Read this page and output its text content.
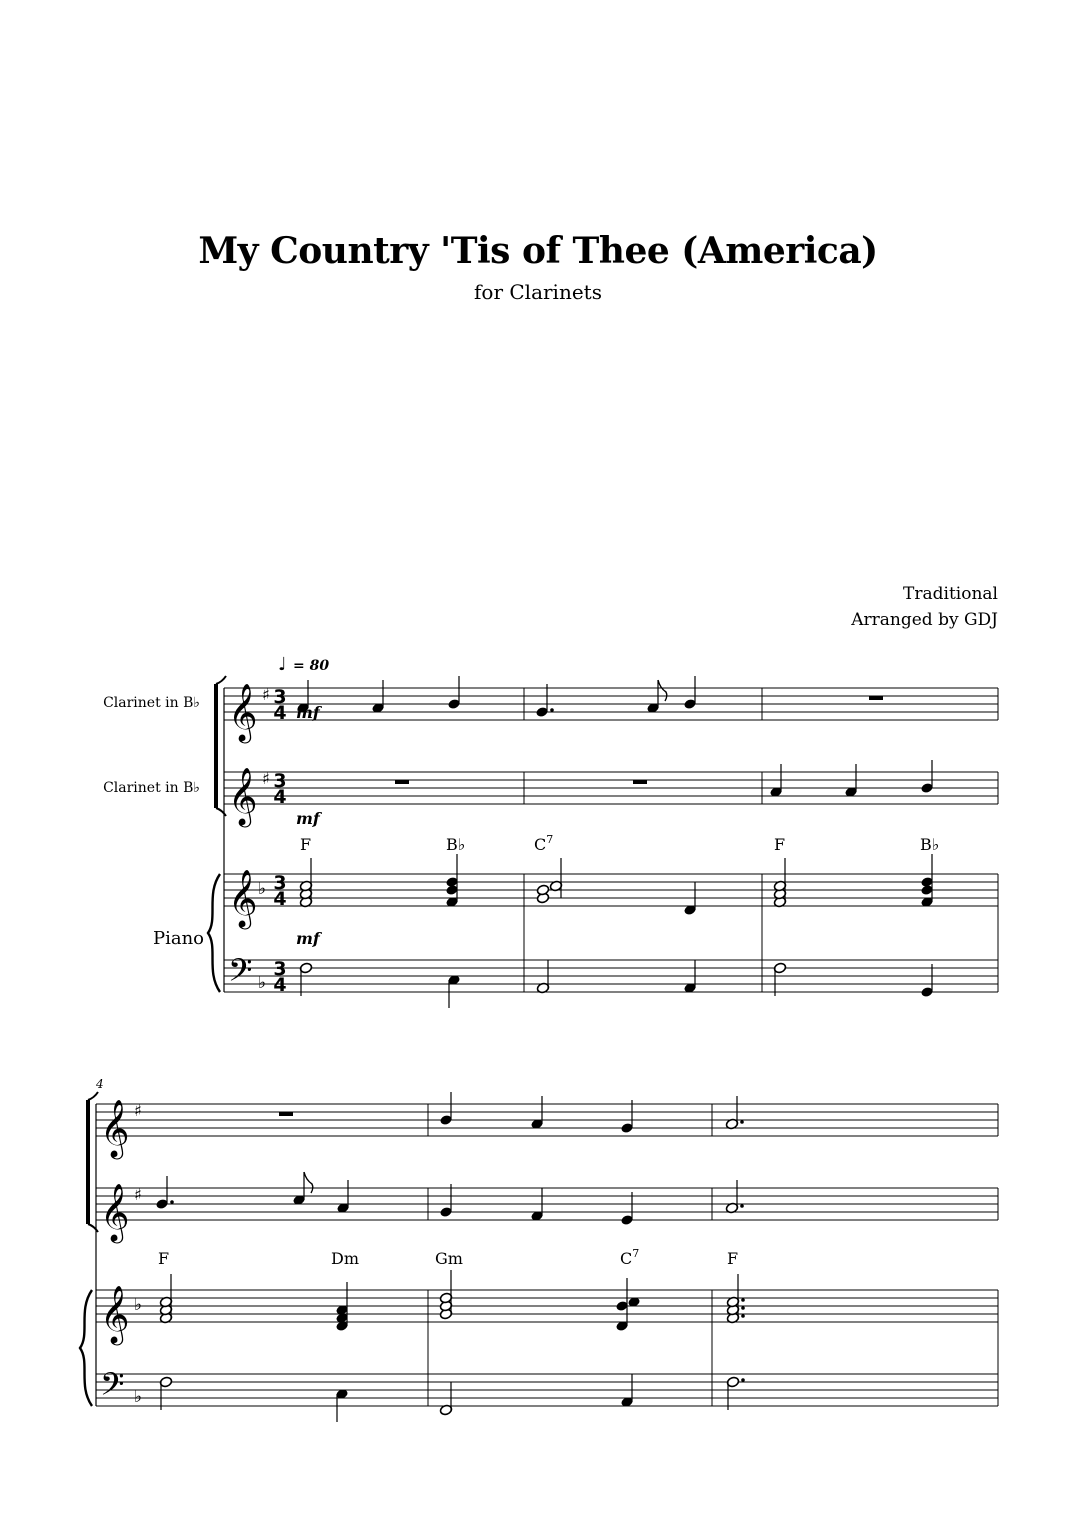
My Country 'Tis of Thee (America)
for Clarinets
Traditional
Arranged by GDJ
𝄞 ♯ 3
4
𝄞 ♯ 3
4
𝄞 ♭ 3
4
𝄢 ♭
3
4
𝄞 ♯
𝄞 ♯
𝄞 ♭
𝄢 ♭
Clarinet in B♭
Clarinet in B♭
Piano
♩ = 80
mf
mf
mf
4
F	B♭	$C^7$	F	B♭
F	Dm	Gm	$C^7$	F
